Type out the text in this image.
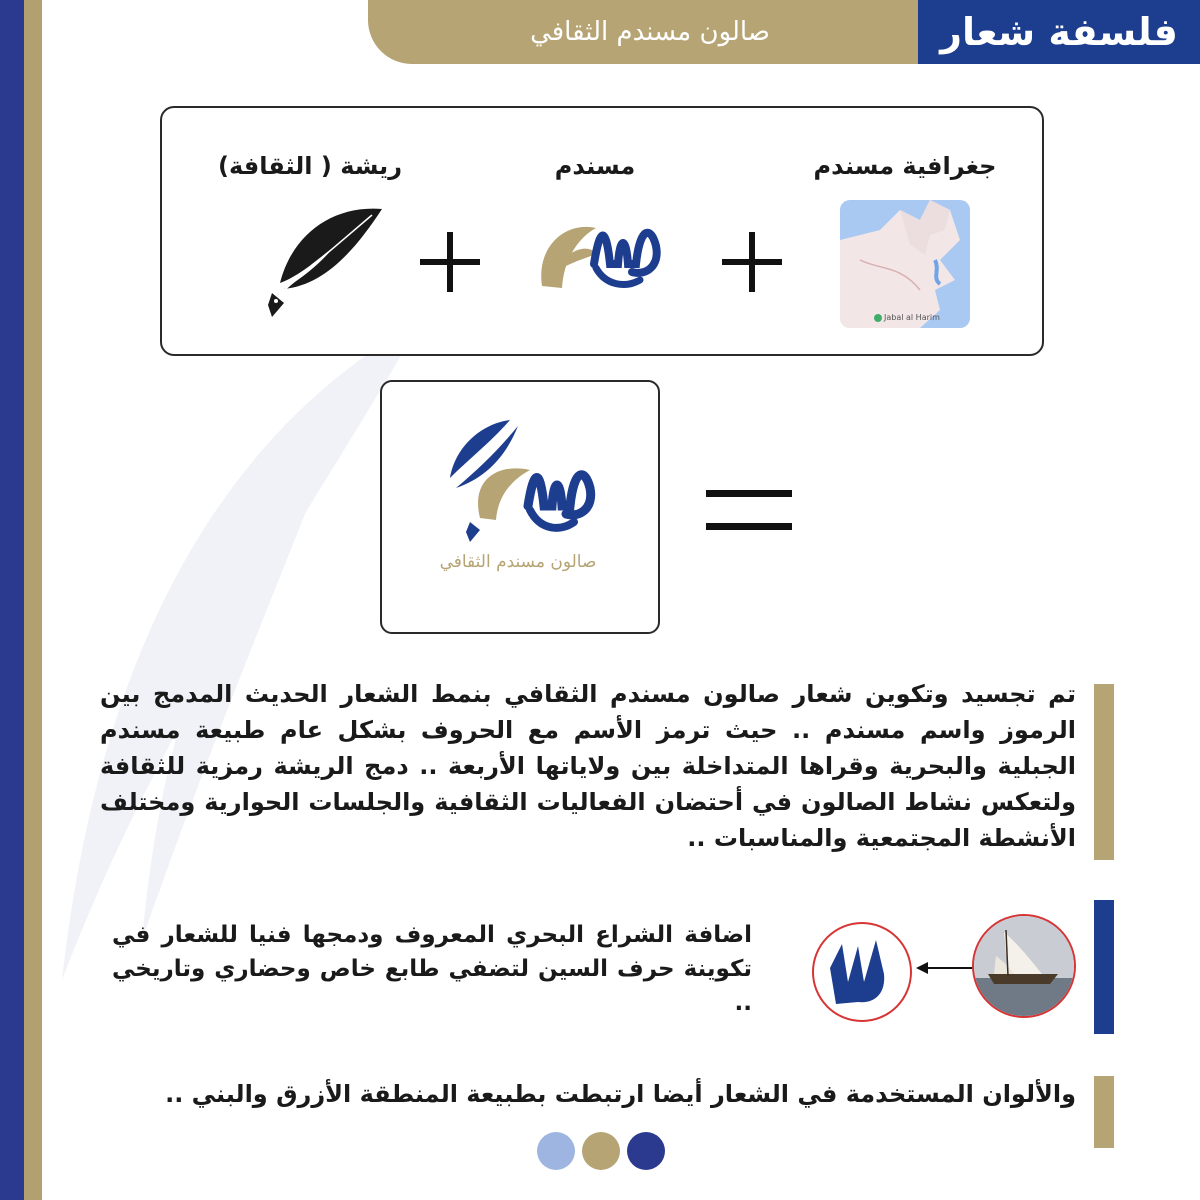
صالون مسندم الثقافي	فلسفة شعار
جغرافية مسندم
مسندم
ريشة ( الثقافة)
Jabal al Harim
صالون مسندم الثقافي
تم تجسيد وتكوين شعار صالون مسندم الثقافي بنمط الشعار الحديث المدمج بين الرموز واسم مسندم .. حيث ترمز الأسم مع الحروف بشكل عام طبيعة مسندم الجبلية والبحرية وقراها المتداخلة بين ولاياتها الأربعة .. دمج الريشة رمزية للثقافة ولتعكس نشاط الصالون في أحتضان الفعاليات الثقافية والجلسات الحوارية ومختلف الأنشطة المجتمعية والمناسبات ..
اضافة الشراع البحري المعروف ودمجها فنيا للشعار في تكوينة حرف السين لتضفي طابع خاص وحضاري وتاريخي ..
والألوان المستخدمة في الشعار أيضا ارتبطت بطبيعة المنطقة الأزرق والبني ..
